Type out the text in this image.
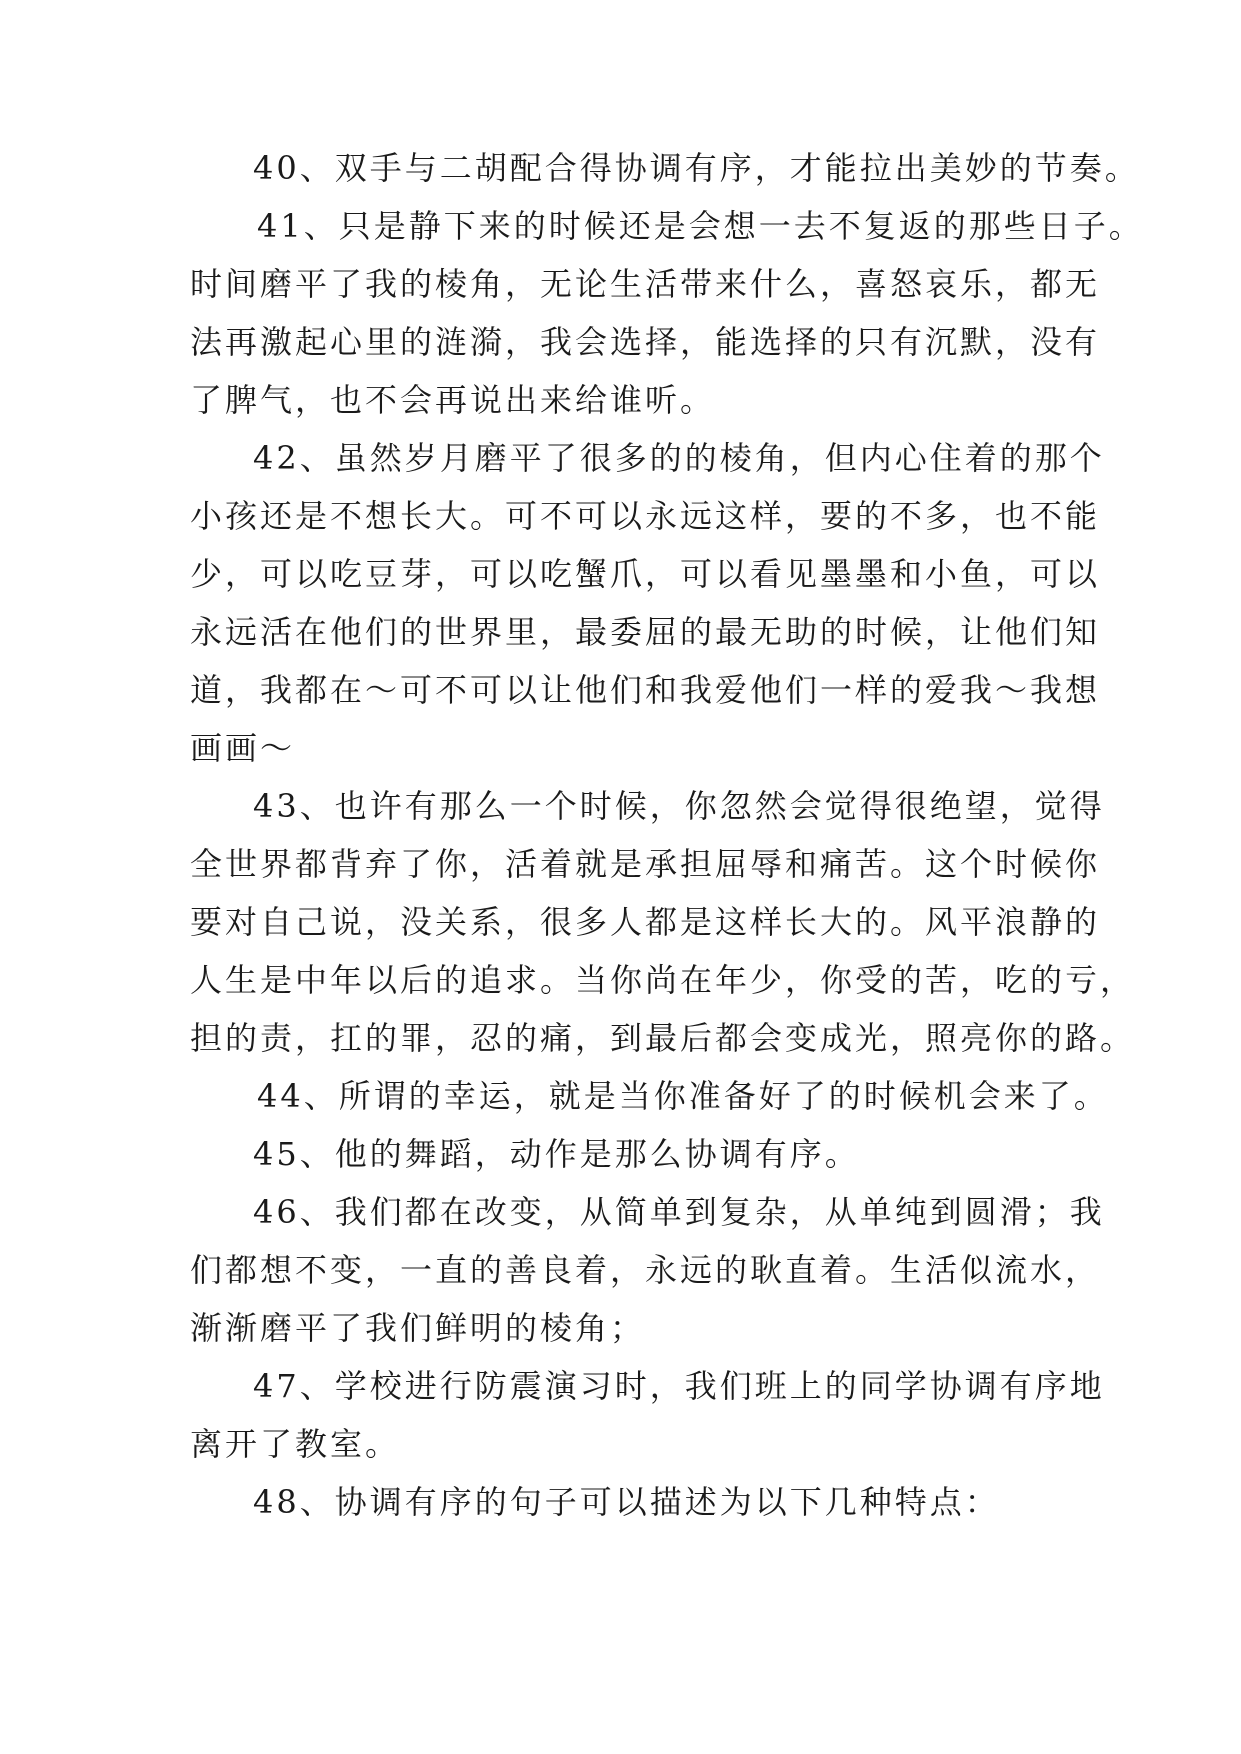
40、双手与二胡配合得协调有序，才能拉出美妙的节奏。
41、只是静下来的时候还是会想一去不复返的那些日子。
时间磨平了我的棱角，无论生活带来什么，喜怒哀乐，都无
法再激起心里的涟漪，我会选择，能选择的只有沉默，没有
了脾气，也不会再说出来给谁听。
42、虽然岁月磨平了很多的的棱角，但内心住着的那个
小孩还是不想长大。可不可以永远这样，要的不多，也不能
少，可以吃豆芽，可以吃蟹爪，可以看见墨墨和小鱼，可以
永远活在他们的世界里，最委屈的最无助的时候，让他们知
道，我都在～可不可以让他们和我爱他们一样的爱我～我想
画画～
43、也许有那么一个时候，你忽然会觉得很绝望，觉得
全世界都背弃了你，活着就是承担屈辱和痛苦。这个时候你
要对自己说，没关系，很多人都是这样长大的。风平浪静的
人生是中年以后的追求。当你尚在年少，你受的苦，吃的亏，
担的责，扛的罪，忍的痛，到最后都会变成光，照亮你的路。
44、所谓的幸运，就是当你准备好了的时候机会来了。
45、他的舞蹈，动作是那么协调有序。
46、我们都在改变，从简单到复杂，从单纯到圆滑；我
们都想不变，一直的善良着，永远的耿直着。生活似流水，
渐渐磨平了我们鲜明的棱角；
47、学校进行防震演习时，我们班上的同学协调有序地
离开了教室。
48、协调有序的句子可以描述为以下几种特点：
